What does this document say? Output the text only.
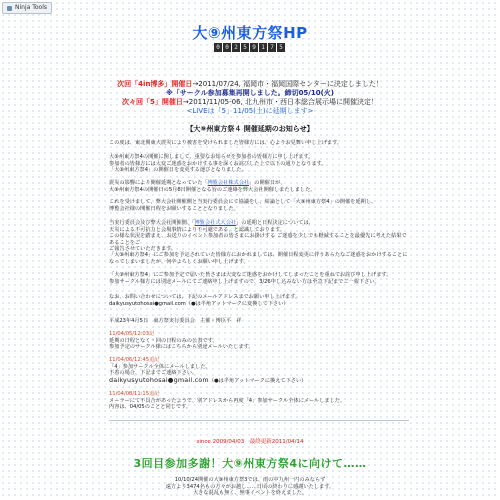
Ninja Tools
大⑨州東方祭HP
0 0 2 5 9 1 7 5
次回「4in博多」開催日→2011/07/24, 福岡市・福岡国際センターに決定しました！
※「サークル参加募集再開しました。締切05/10(火)
次々回「5」開催日→2011/11/05-06, 北九州市・西日本総合展示場に開催決定！
<LIVEは「5」11/05(土)に延期します>
【大⑨州東方祭４ 開催延期のお知らせ】
この度は、東北関東大震災により被害を受けられました皆様方には、心よりお見舞い申し上げます。
大⑨州東方祭4の開催に関しまして、重要なお知らせを参加者の皆様方に申し上げます。
参加者の皆様方には大変ご迷惑をおかけする事を深くお詫びした上で以下の通りとなります。
「大⑨州東方祭4」の開催日を変更する運びとなりました。
震災の影響により開催延期となっていた「博覧会社株式会社」の開催日が、
大⑨州東方祭4の開催日の5月8日開催となる旨のご連絡を弊大会社開催しまたしました。
これを受けまして、弊大会社開催側と当実行委員会にて協議をし、結論として「大⑨州東方祭4」の開催を延期し、
博覧会社様の開催日程をお願いすることとなりました。
当実行委員会及び弊大会社開催側、「博覧会社式大会社」の延期と日程決定については、
天災による不可抗力と会場事情により不可避である、と認識しております。
この様な状況を踏まえ、お送りのイベント参加者の皆さまにお掛けする ご迷惑を少しでも軽減することを最優先に考えた結果であることをご
ご報告させていただきます。
「大⑨州東方祭4」にご参加を予定されていた皆様方におかれましては、開催日程変更に伴うあらたなご迷惑をおかけすることになってしまいましたが、何卒よろしくお願い申し上げます。
「大⑨州東方祭4」にご参加予定で届いた皆さまは大変なご迷惑をおかけしてしまったことを重ねてお詫び申し上げます。
参加サークル様方には別途メールにてご連絡申し上げますので、3/26申し込みない方は至急下記までご一報下さい。
なお、お問い合わせについては、下記のメールアドレスまでお願い申し上げます。
daikyusyutohosai●gmail.com（●は半角アットマークに変換して下さい）
平成23年4月5日　東方祭実行委員会　主催・博臣平　祥
11/04/05/12:03記
延期の日程となく・回の日程のみの公表です。
参加予定のサークル様にはこちらから別途メールいたします。
11/04/06/12:45追記
「4」参加サークル全体にメールしました。
不着の場合、下記までご連絡下さい。
daikyusyutohosai●gmail.com（●は半角アットマークに換えて下さい）
11/04/08/11:15追記
メーラーにて不具合があったようで、別アドレスから再度「4」参加サークル全体にメールしました。
内容は、04/05のことと同じです。
since 2009/04/03　最終更新2011/04/14
3回目参加多謝！大⑨州東方祭4に向けて……
10/10/24開催の大⑨州東方祭3では、雨の中九州一円のみならず
遠方より3474名もの方々がお越し……日頃の終わりに感謝いたします。
大きな混乱も無く、無事イベントを終えました。
